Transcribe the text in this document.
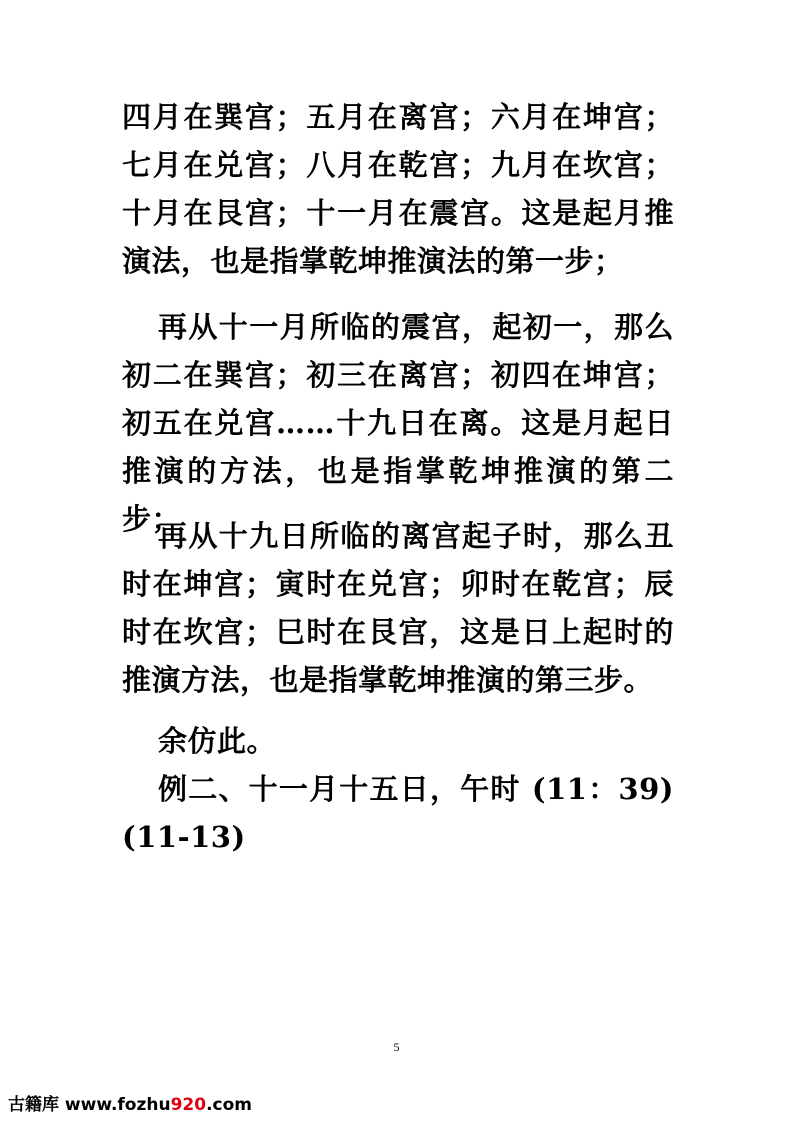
四月在巽宫；五月在离宫；六月在坤宫；七月在兑宫；八月在乾宫；九月在坎宫；十月在艮宫；十一月在震宫。这是起月推演法，也是指掌乾坤推演法的第一步；

再从十一月所临的震宫，起初一，那么初二在巽宫；初三在离宫；初四在坤宫；初五在兑宫……十九日在离。这是月起日推演的方法，也是指掌乾坤推演的第二步；

再从十九日所临的离宫起子时，那么丑时在坤宫；寅时在兑宫；卯时在乾宫；辰时在坎宫；巳时在艮宫，这是日上起时的推演方法，也是指掌乾坤推演的第三步。

余仿此。

例二、十一月十五日，午时 (11：39) (11-13)

5
古籍库 www.fozhu920.com
